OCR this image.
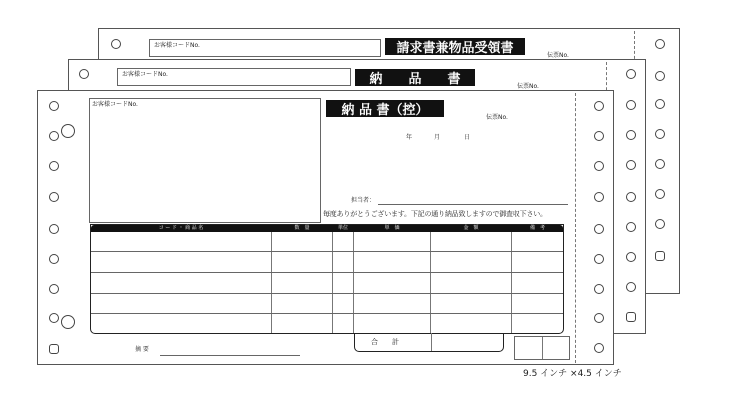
お客様コードNo.	請求書兼物品受領書	伝票No.
お客様コードNo.	納　　品　　書	伝票No.
お客様コードNo.	納 品 書（控）	伝票No.
年	月	日
担当者：
毎度ありがとうございます。下記の通り納品致しますので御査収下さい。
コ ー ド ・ 商 品 名	数　量	単位	単　価	金　額	備　考
合　　計
摘 要
9.5 インチ ×4.5 インチ
